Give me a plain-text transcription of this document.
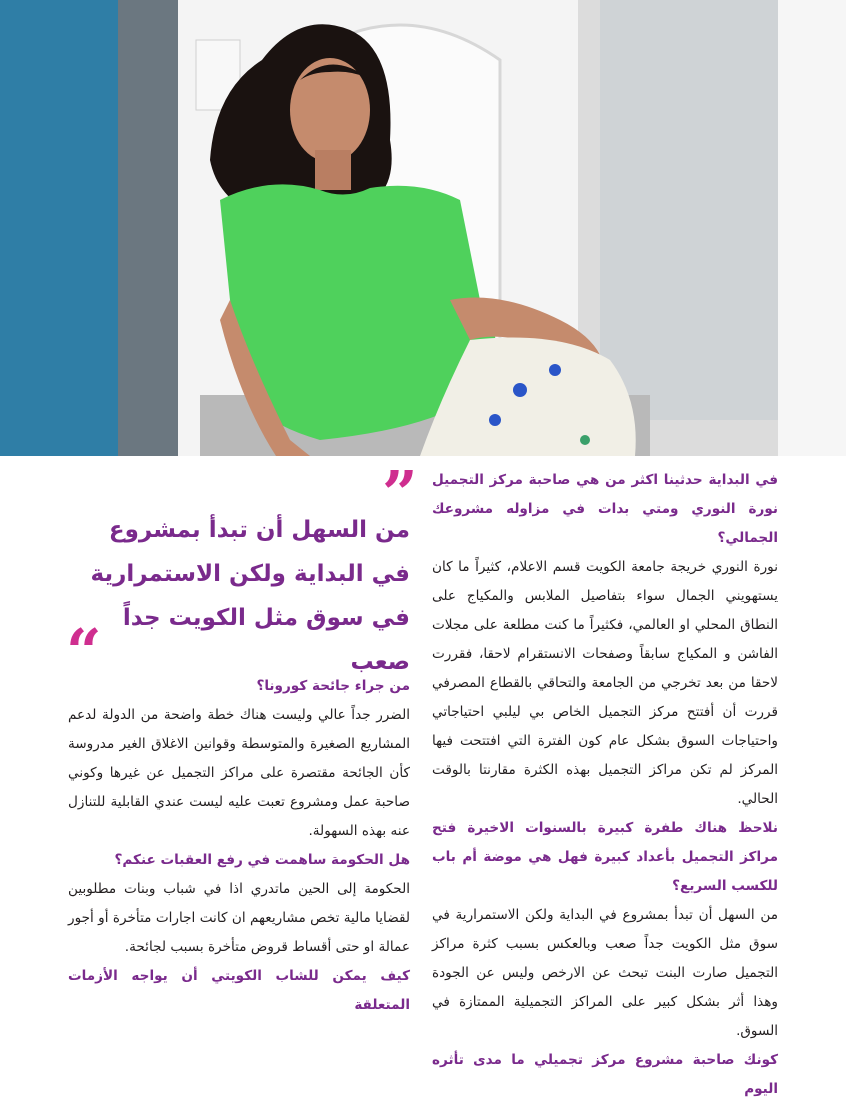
”
من السهل أن تبدأ بمشروع في البداية ولكن الاستمرارية في سوق مثل الكويت جداً صعب
“

في البداية حدثينا اكثر من هي صاحبة مركز التجميل نورة النوري ومتي بدات في مزاوله مشروعك الجمالي؟

نورة النوري خريجة جامعة الكويت قسم الاعلام، كثيراً ما كان يستهويني الجمال سواء بتفاصيل الملابس والمكياج على النطاق المحلي او العالمي، فكثيراً ما كنت مطلعة على مجلات الفاشن و المكياج سابقاً وصفحات الانستقرام لاحقا، فقررت لاحقا من بعد تخرجي من الجامعة والتحاقي بالقطاع المصرفي قررت أن أفتتح مركز التجميل الخاص بي ليلبي احتياجاتي واحتياجات السوق بشكل عام كون الفترة التي افتتحت فيها المركز لم تكن مراكز التجميل بهذه الكثرة مقارنتا بالوقت الحالي.

نلاحظ هناك طفرة كبيرة بالسنوات الاخيرة فتح مراكز التجميل بأعداد كبيرة فهل هي موضة أم باب للكسب السريع؟

من السهل أن تبدأ بمشروع في البداية ولكن الاستمرارية في سوق مثل الكويت جداً صعب وبالعكس بسبب كثرة مراكز التجميل صارت البنت تبحث عن الارخص وليس عن الجودة وهذا أثر بشكل كبير على المراكز التجميلية الممتازة في السوق.

كونك صاحبة مشروع مركز تجميلي ما مدى تأثره اليوم

من جراء جائحة كورونا؟

الضرر جداً عالي وليست هناك خطة واضحة من الدولة لدعم المشاريع الصغيرة والمتوسطة وقوانين الاغلاق الغير مدروسة كأن الجائحة مقتصرة على مراكز التجميل عن غيرها وكوني صاحبة عمل ومشروع تعبت عليه ليست عندي القابلية للتنازل عنه بهذه السهولة.

هل الحكومة ساهمت في رفع العقبات عنكم؟

الحكومة إلى الحين ماتدري اذا في شباب وبنات مطلوبين لقضايا مالية تخص مشاريعهم ان كانت اجارات متأخرة أو أجور عمالة او حتى أقساط قروض متأخرة بسبب لجائحة.

كيف يمكن للشاب الكويتي أن يواجه الأزمات المتعلقة
